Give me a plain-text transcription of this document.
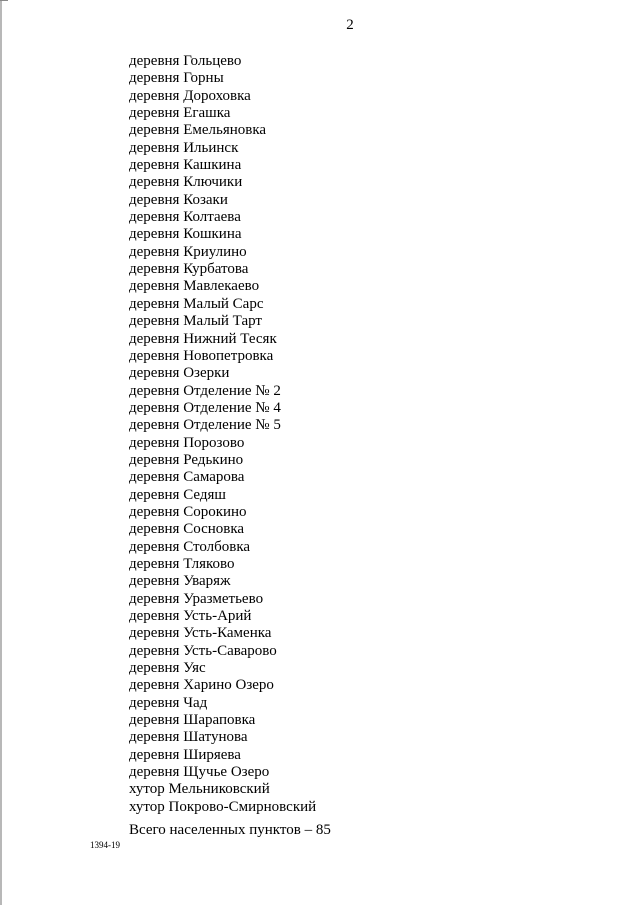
2
деревня Гольцево
деревня Горны
деревня Дороховка
деревня Егашка
деревня Емельяновка
деревня Ильинск
деревня Кашкина
деревня Ключики
деревня Козаки
деревня Колтаева
деревня Кошкина
деревня Криулино
деревня Курбатова
деревня Мавлекаево
деревня Малый Сарс
деревня Малый Тарт
деревня Нижний Тесяк
деревня Новопетровка
деревня Озерки
деревня Отделение № 2
деревня Отделение № 4
деревня Отделение № 5
деревня Порозово
деревня Редькино
деревня Самарова
деревня Седяш
деревня Сорокино
деревня Сосновка
деревня Столбовка
деревня Тляково
деревня Уваряж
деревня Уразметьево
деревня Усть-Арий
деревня Усть-Каменка
деревня Усть-Саварово
деревня Уяс
деревня Харино Озеро
деревня Чад
деревня Шараповка
деревня Шатунова
деревня Ширяева
деревня Щучье Озеро
хутор Мельниковский
хутор Покрово-Смирновский
Всего населенных пунктов – 85
1394-19
